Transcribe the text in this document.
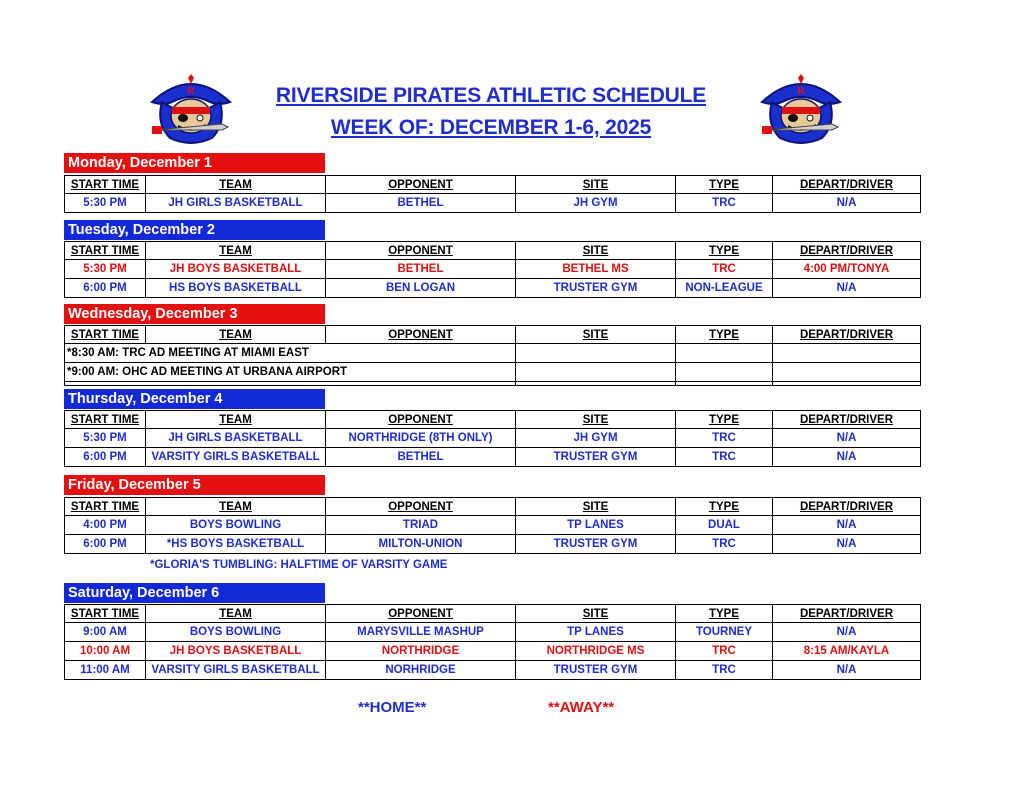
R	R
RIVERSIDE PIRATES ATHLETIC SCHEDULE
WEEK OF: DECEMBER 1-6, 2025
Monday, December 1
START TIME	TEAM	OPPONENT	SITE	TYPE	DEPART/DRIVER
5:30 PM	JH GIRLS BASKETBALL	BETHEL	JH GYM	TRC	N/A
Tuesday, December 2
START TIME	TEAM	OPPONENT	SITE	TYPE	DEPART/DRIVER
5:30 PM	JH BOYS BASKETBALL	BETHEL	BETHEL MS	TRC	4:00 PM/TONYA
6:00 PM	HS BOYS BASKETBALL	BEN LOGAN	TRUSTER GYM	NON-LEAGUE	N/A
Wednesday, December 3
START TIME	TEAM	OPPONENT	SITE	TYPE	DEPART/DRIVER
*8:30 AM: TRC AD MEETING AT MIAMI EAST					
*9:00 AM: OHC AD MEETING AT URBANA AIRPORT					

Thursday, December 4
START TIME	TEAM	OPPONENT	SITE	TYPE	DEPART/DRIVER
5:30 PM	JH GIRLS BASKETBALL	NORTHRIDGE (8TH ONLY)	JH GYM	TRC	N/A
6:00 PM	VARSITY GIRLS BASKETBALL	BETHEL	TRUSTER GYM	TRC	N/A
Friday, December 5
START TIME	TEAM	OPPONENT	SITE	TYPE	DEPART/DRIVER
4:00 PM	BOYS BOWLING	TRIAD	TP LANES	DUAL	N/A
6:00 PM	*HS BOYS BASKETBALL	MILTON-UNION	TRUSTER GYM	TRC	N/A
*GLORIA'S TUMBLING: HALFTIME OF VARSITY GAME
Saturday, December 6
START TIME	TEAM	OPPONENT	SITE	TYPE	DEPART/DRIVER
9:00 AM	BOYS BOWLING	MARYSVILLE MASHUP	TP LANES	TOURNEY	N/A
10:00 AM	JH BOYS BASKETBALL	NORTHRIDGE	NORTHRIDGE MS	TRC	8:15 AM/KAYLA
11:00 AM	VARSITY GIRLS BASKETBALL	NORHRIDGE	TRUSTER GYM	TRC	N/A
**HOME**	**AWAY**
